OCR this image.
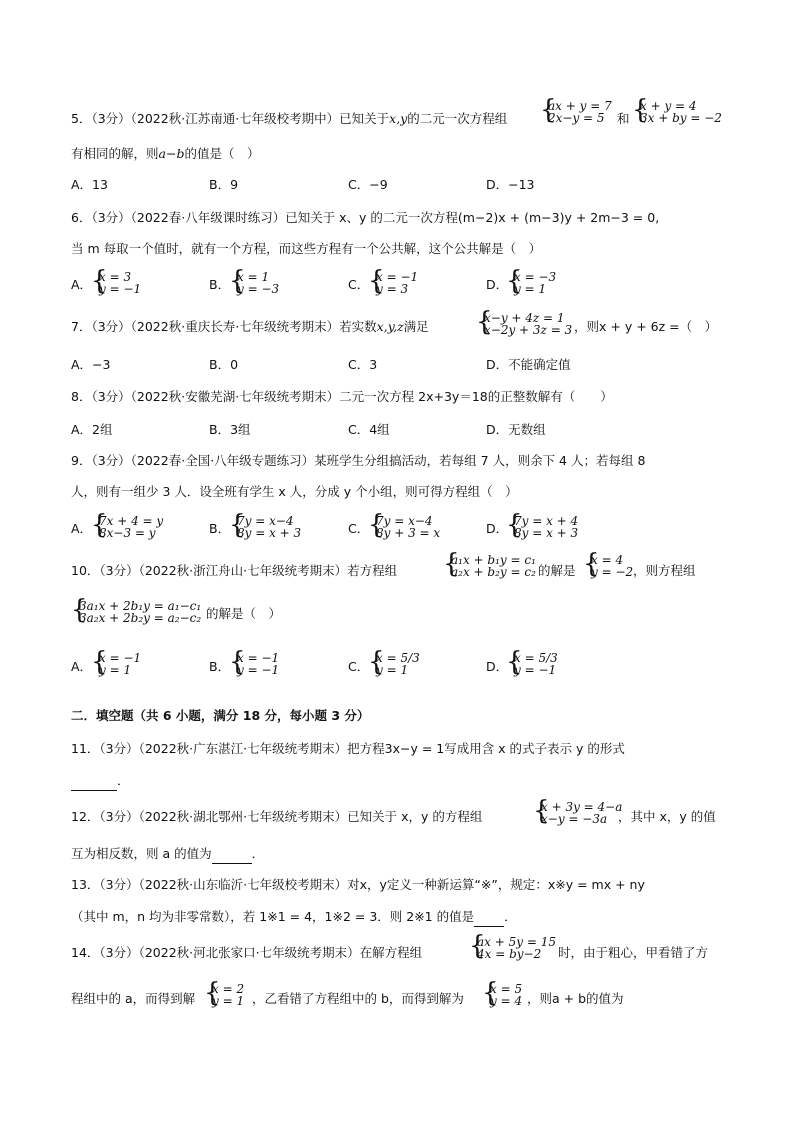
5．（3分）（2022秋·江苏南通·七年级校考期中）已知关于x,y的二元一次方程组 {
ax + y = 7
2x−y = 5 和 {
x + y = 4
3x + by = −2
有相同的解，则a−b的值是（　）
A．13	B．9	C．−9	D．−13
6．（3分）（2022春·八年级课时练习）已知关于 x、y 的二元一次方程(m−2)x + (m−3)y + 2m−3 = 0,
当 m 每取一个值时，就有一个方程，而这些方程有一个公共解，这个公共解是（　）
A．
{
x = 3
y = −1	B．
{
x = 1
y = −3	C．
{
x = −1
y = 3	D．
{
x = −3
y = 1
7．（3分）（2022秋·重庆长寿·七年级统考期末）若实数x,y,z满足 {
x−y + 4z = 1
x−2y + 3z = 3 ，则x + y + 6z =（　）
A．−3	B．0	C．3	D．不能确定值
8．（3分）（2022秋·安徽芜湖·七年级统考期末）二元一次方程 2x+3y＝18的正整数解有（　　）
A．2组	B．3组	C．4组	D．无数组
9．（3分）（2022春·全国·八年级专题练习）某班学生分组搞活动，若每组 7 人，则余下 4 人；若每组 8
人，则有一组少 3 人．设全班有学生 x 人，分成 y 个小组，则可得方程组（　）
A．
{
7x + 4 = y
8x−3 = y	B．
{
7y = x−4
8y = x + 3	C．
{
7y = x−4
8y + 3 = x	D．
{
7y = x + 4
8y = x + 3
10．（3分）（2022秋·浙江舟山·七年级统考期末）若方程组 {
a₁x + b₁y = c₁
a₂x + b₂y = c₂ 的解是 {
x = 4
y = −2 ，则方程组
{
3a₁x + 2b₁y = a₁−c₁
3a₂x + 2b₂y = a₂−c₂ 的解是（　）
A．
{
x = −1
y = 1	B．
{
x = −1
y = −1	C．
{
x = 5/3
y = 1	D．
{
x = 5/3
y = −1
二．填空题（共 6 小题，满分 18 分，每小题 3 分）
11．（3分）（2022秋·广东湛江·七年级统考期末）把方程3x−y = 1写成用含 x 的式子表示 y 的形式
．
12．（3分）（2022秋·湖北鄂州·七年级统考期末）已知关于 x，y 的方程组 {
x + 3y = 4−a
x−y = −3a ，其中 x，y 的值
互为相反数，则 a 的值为	．
13．（3分）（2022秋·山东临沂·七年级校考期末）对x，y定义一种新运算“※”，规定：x※y = mx + ny
（其中 m，n 均为非零常数），若 1※1 = 4，1※2 = 3．则 2※1 的值是 ．
14．（3分）（2022秋·河北张家口·七年级统考期末）在解方程组 {
ax + 5y = 15
4x = by−2 时，由于粗心，甲看错了方
程组中的 a，而得到解 {
x = 2
y = 1 ，乙看错了方程组中的 b，而得到解为 {
x = 5
y = 4 ，则a + b的值为
